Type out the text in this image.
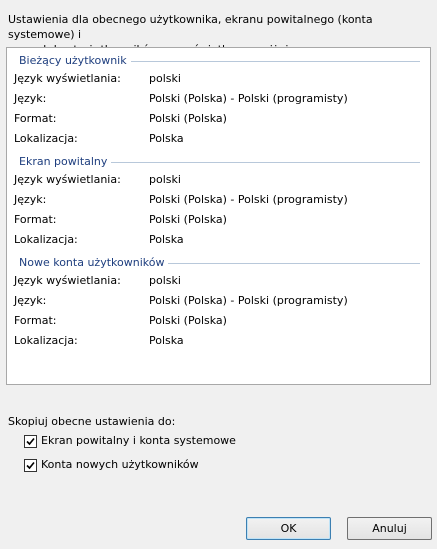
Ustawienia dla obecnego użytkownika, ekranu powitalnego (konta systemowe) i

Bieżący użytkownik
Język wyświetlania:	polski
Język:	Polski (Polska) - Polski (programisty)
Format:	Polski (Polska)
Lokalizacja:	Polska
Ekran powitalny
Język wyświetlania:	polski
Język:	Polski (Polska) - Polski (programisty)
Format:	Polski (Polska)
Lokalizacja:	Polska
Nowe konta użytkowników
Język wyświetlania:	polski
Język:	Polski (Polska) - Polski (programisty)
Format:	Polski (Polska)
Lokalizacja:	Polska
Skopiuj obecne ustawienia do:
Ekran powitalny i konta systemowe
Konta nowych użytkowników
OK	Anuluj
